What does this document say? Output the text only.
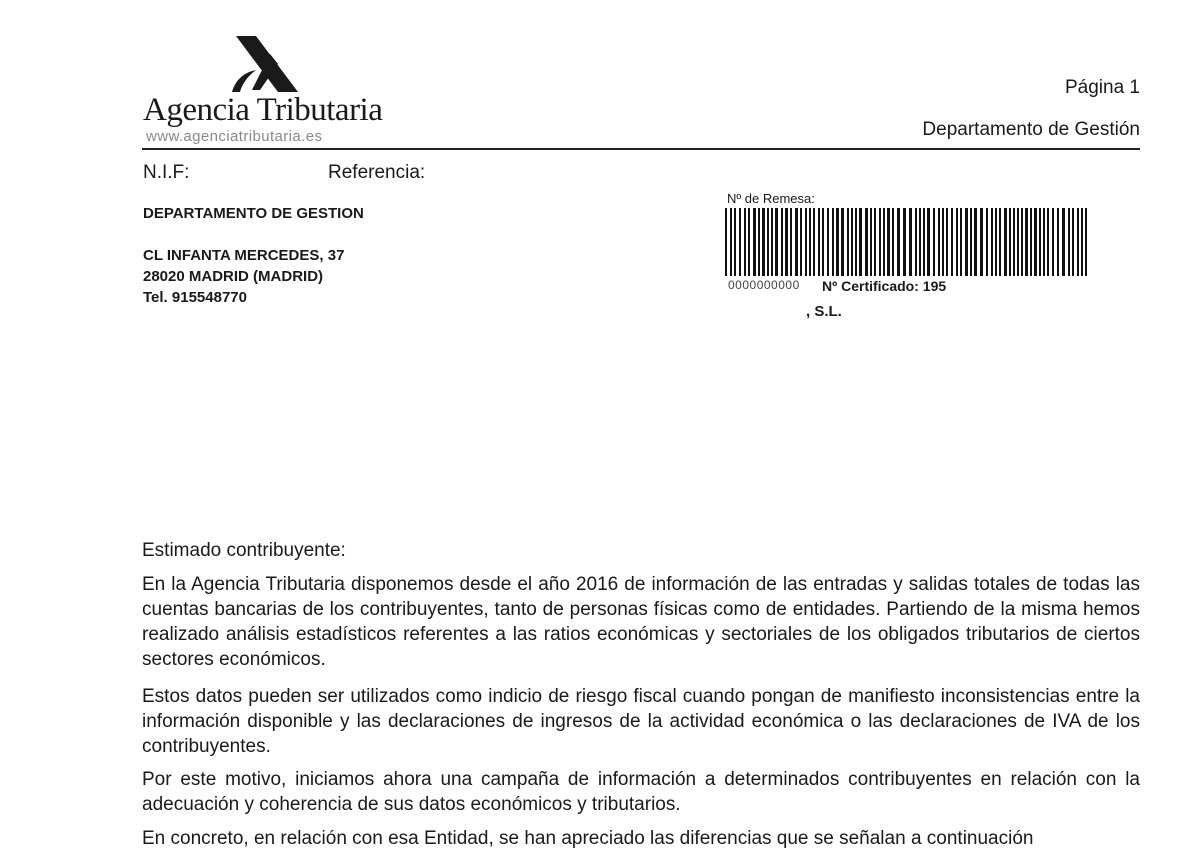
Agencia Tributaria
www.agenciatributaria.es
Página 1
Departamento de Gestión
N.I.F:	Referencia:
DEPARTAMENTO DE GESTION
CL INFANTA MERCEDES, 37
28020 MADRID (MADRID)
Tel. 915548770
Nº de Remesa:
0000000000 Nº Certificado: 195
, S.L.
Estimado contribuyente:
En la Agencia Tributaria disponemos desde el año 2016 de información de las entradas y salidas totales de todas las cuentas bancarias de los contribuyentes, tanto de personas físicas como de entidades. Partiendo de la misma hemos realizado análisis estadísticos referentes a las ratios económicas y sectoriales de los obligados tributarios de ciertos sectores económicos.
Estos datos pueden ser utilizados como indicio de riesgo fiscal cuando pongan de manifiesto inconsistencias entre la información disponible y las declaraciones de ingresos de la actividad económica o las declaraciones de IVA de los contribuyentes.
Por este motivo, iniciamos ahora una campaña de información a determinados contribuyentes en relación con la adecuación y coherencia de sus datos económicos y tributarios.
En concreto, en relación con esa Entidad, se han apreciado las diferencias que se señalan a continuación
